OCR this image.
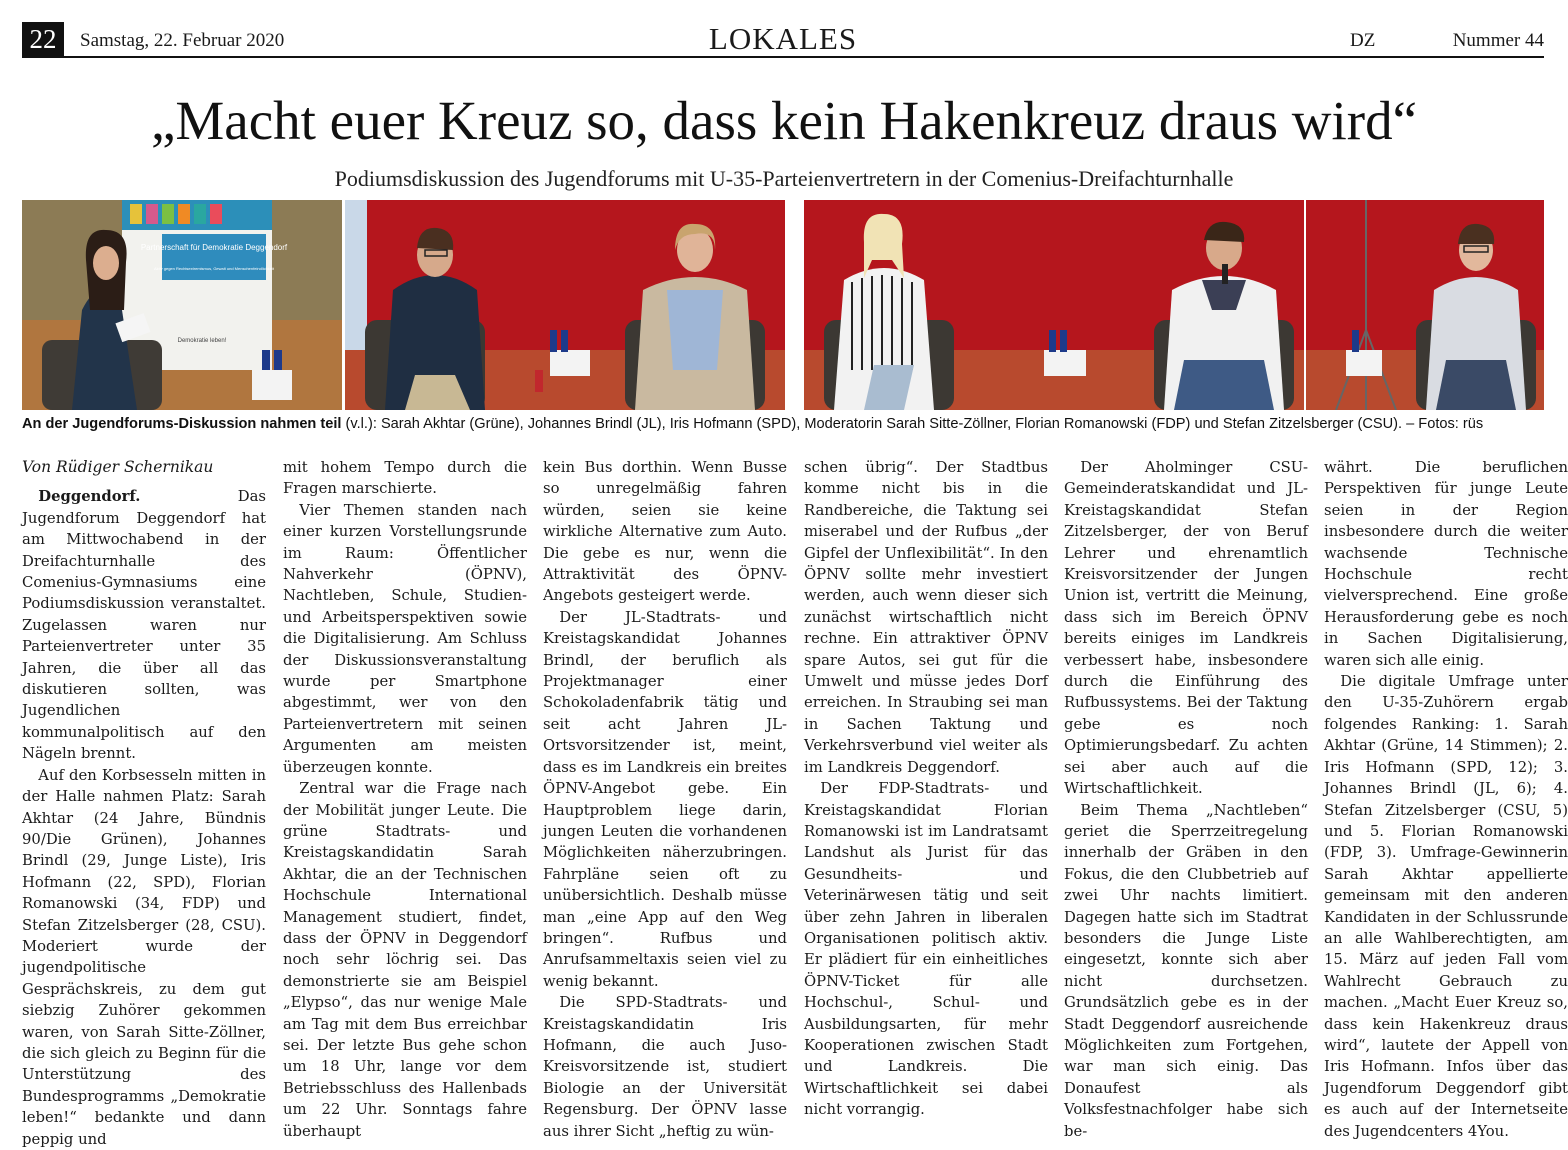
22	Samstag, 22. Februar 2020	LOKALES	DZ	Nummer 44
„Macht euer Kreuz so, dass kein Hakenkreuz draus wird“
Podiumsdiskussion des Jugendforums mit U-35-Parteienvertretern in der Comenius-Dreifachturnhalle
Partnerschaft für Demokratie Deggendorf
Aktiv gegen Rechtsextremismus, Gewalt und Menschenfeindlichkeit
Demokratie leben!
An der Jugendforums-Diskussion nahmen teil (v.l.): Sarah Akhtar (Grüne), Johannes Brindl (JL), Iris Hofmann (SPD), Moderatorin Sarah Sitte-Zöllner, Florian Romanowski (FDP) und Stefan Zitzelsberger (CSU). – Fotos: rüs
Von Rüdiger Schernikau

Deggendorf. Das Jugendforum Deggendorf hat am Mittwochabend in der Dreifachturnhalle des Comenius-Gymnasiums eine Podiumsdiskussion veranstaltet. Zugelassen waren nur Parteienvertreter unter 35 Jahren, die über all das diskutieren sollten, was Jugendlichen kommunalpolitisch auf den Nägeln brennt.

Auf den Korbsesseln mitten in der Halle nahmen Platz: Sarah Akhtar (24 Jahre, Bündnis 90/Die Grünen), Johannes Brindl (29, Junge Liste), Iris Hofmann (22, SPD), Florian Romanowski (34, FDP) und Stefan Zitzelsberger (28, CSU). Moderiert wurde der jugendpolitische Gesprächskreis, zu dem gut siebzig Zuhörer gekommen waren, von Sarah Sitte-Zöllner, die sich gleich zu Beginn für die Unterstützung des Bundesprogramms „Demokratie leben!“ bedankte und dann peppig und

mit hohem Tempo durch die Fragen marschierte.

Vier Themen standen nach einer kurzen Vorstellungsrunde im Raum: Öffentlicher Nahverkehr (ÖPNV), Nachtleben, Schule, Studien- und Arbeitsperspektiven sowie die Digitalisierung. Am Schluss der Diskussionsveranstaltung wurde per Smartphone abgestimmt, wer von den Parteienvertretern mit seinen Argumenten am meisten überzeugen konnte.

Zentral war die Frage nach der Mobilität junger Leute. Die grüne Stadtrats- und Kreistagskandidatin Sarah Akhtar, die an der Technischen Hochschule International Management studiert, findet, dass der ÖPNV in Deggendorf noch sehr löchrig sei. Das demonstrierte sie am Beispiel „Elypso“, das nur wenige Male am Tag mit dem Bus erreichbar sei. Der letzte Bus gehe schon um 18 Uhr, lange vor dem Betriebsschluss des Hallenbads um 22 Uhr. Sonntags fahre überhaupt

kein Bus dorthin. Wenn Busse so unregelmäßig fahren würden, seien sie keine wirkliche Alternative zum Auto. Die gebe es nur, wenn die Attraktivität des ÖPNV-Angebots gesteigert werde.

Der JL-Stadtrats- und Kreistagskandidat Johannes Brindl, der beruflich als Projektmanager einer Schokoladenfabrik tätig und seit acht Jahren JL-Ortsvorsitzender ist, meint, dass es im Landkreis ein breites ÖPNV-Angebot gebe. Ein Hauptproblem liege darin, jungen Leuten die vorhandenen Möglichkeiten näherzubringen. Fahrpläne seien oft zu unübersichtlich. Deshalb müsse man „eine App auf den Weg bringen“. Rufbus und Anrufsammeltaxis seien viel zu wenig bekannt.

Die SPD-Stadtrats- und Kreistagskandidatin Iris Hofmann, die auch Juso-Kreisvorsitzende ist, studiert Biologie an der Universität Regensburg. Der ÖPNV lasse aus ihrer Sicht „heftig zu wün-

schen übrig“. Der Stadtbus komme nicht bis in die Randbereiche, die Taktung sei miserabel und der Rufbus „der Gipfel der Unflexibilität“. In den ÖPNV sollte mehr investiert werden, auch wenn dieser sich zunächst wirtschaftlich nicht rechne. Ein attraktiver ÖPNV spare Autos, sei gut für die Umwelt und müsse jedes Dorf erreichen. In Straubing sei man in Sachen Taktung und Verkehrsverbund viel weiter als im Landkreis Deggendorf.

Der FDP-Stadtrats- und Kreistagskandidat Florian Romanowski ist im Landratsamt Landshut als Jurist für das Gesundheits- und Veterinärwesen tätig und seit über zehn Jahren in liberalen Organisationen politisch aktiv. Er plädiert für ein einheitliches ÖPNV-Ticket für alle Hochschul-, Schul- und Ausbildungsarten, für mehr Kooperationen zwischen Stadt und Landkreis. Die Wirtschaftlichkeit sei dabei nicht vorrangig.

Der Aholminger CSU-Gemeinderatskandidat und JL-Kreistagskandidat Stefan Zitzelsberger, der von Beruf Lehrer und ehrenamtlich Kreisvorsitzender der Jungen Union ist, vertritt die Meinung, dass sich im Bereich ÖPNV bereits einiges im Landkreis verbessert habe, insbesondere durch die Einführung des Rufbussystems. Bei der Taktung gebe es noch Optimierungsbedarf. Zu achten sei aber auch auf die Wirtschaftlichkeit.

Beim Thema „Nachtleben“ geriet die Sperrzeitregelung innerhalb der Gräben in den Fokus, die den Clubbetrieb auf zwei Uhr nachts limitiert. Dagegen hatte sich im Stadtrat besonders die Junge Liste eingesetzt, konnte sich aber nicht durchsetzen. Grundsätzlich gebe es in der Stadt Deggendorf ausreichende Möglichkeiten zum Fortgehen, war man sich einig. Das Donaufest als Volksfestnachfolger habe sich be-

währt. Die beruflichen Perspektiven für junge Leute seien in der Region insbesondere durch die weiter wachsende Technische Hochschule recht vielversprechend. Eine große Herausforderung gebe es noch in Sachen Digitalisierung, waren sich alle einig.

Die digitale Umfrage unter den U-35-Zuhörern ergab folgendes Ranking: 1. Sarah Akhtar (Grüne, 14 Stimmen); 2. Iris Hofmann (SPD, 12); 3. Johannes Brindl (JL, 6); 4. Stefan Zitzelsberger (CSU, 5) und 5. Florian Romanowski (FDP, 3). Umfrage-Gewinnerin Sarah Akhtar appellierte gemeinsam mit den anderen Kandidaten in der Schlussrunde an alle Wahlberechtigten, am 15. März auf jeden Fall vom Wahlrecht Gebrauch zu machen. „Macht Euer Kreuz so, dass kein Hakenkreuz draus wird“, lautete der Appell von Iris Hofmann. Infos über das Jugendforum Deggendorf gibt es auch auf der Internetseite des Jugendcenters 4You.
